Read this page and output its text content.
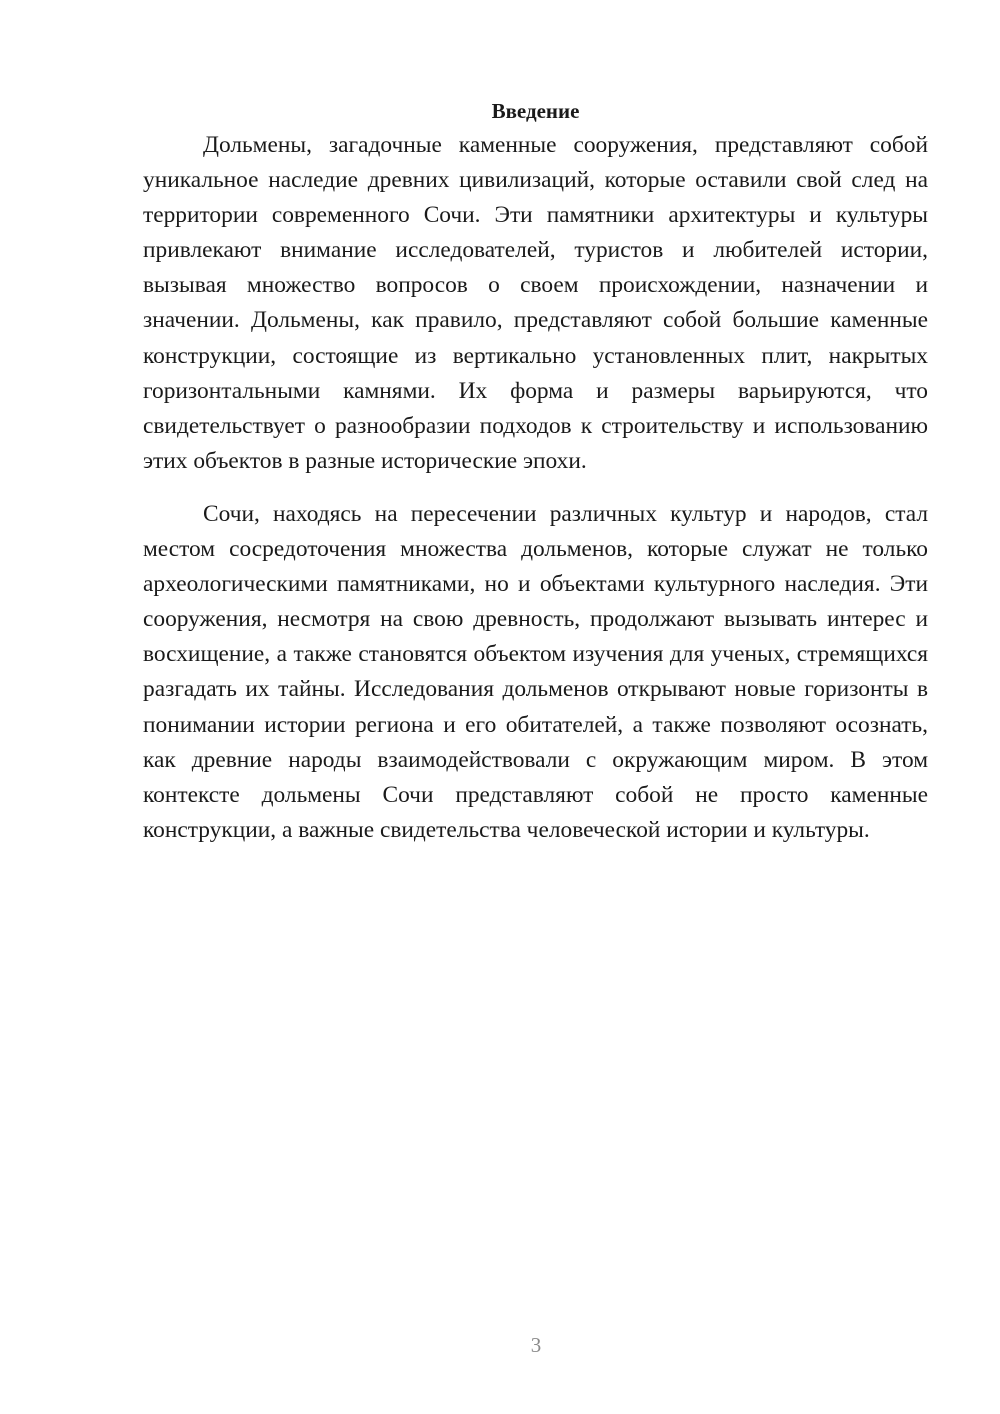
Введение

Дольмены, загадочные каменные сооружения, представляют собой уникальное наследие древних цивилизаций, которые оставили свой след на территории современного Сочи. Эти памятники архитектуры и культуры привлекают внимание исследователей, туристов и любителей истории, вызывая множество вопросов о своем происхождении, назначении и значении. Дольмены, как правило, представляют собой большие каменные конструкции, состоящие из вертикально установленных плит, накрытых горизонтальными камнями. Их форма и размеры варьируются, что свидетельствует о разнообразии подходов к строительству и использованию этих объектов в разные исторические эпохи.

Сочи, находясь на пересечении различных культур и народов, стал местом сосредоточения множества дольменов, которые служат не только археологическими памятниками, но и объектами культурного наследия. Эти сооружения, несмотря на свою древность, продолжают вызывать интерес и восхищение, а также становятся объектом изучения для ученых, стремящихся разгадать их тайны. Исследования дольменов открывают новые горизонты в понимании истории региона и его обитателей, а также позволяют осознать, как древние народы взаимодействовали с окружающим миром. В этом контексте дольмены Сочи представляют собой не просто каменные конструкции, а важные свидетельства человеческой истории и культуры.

3
